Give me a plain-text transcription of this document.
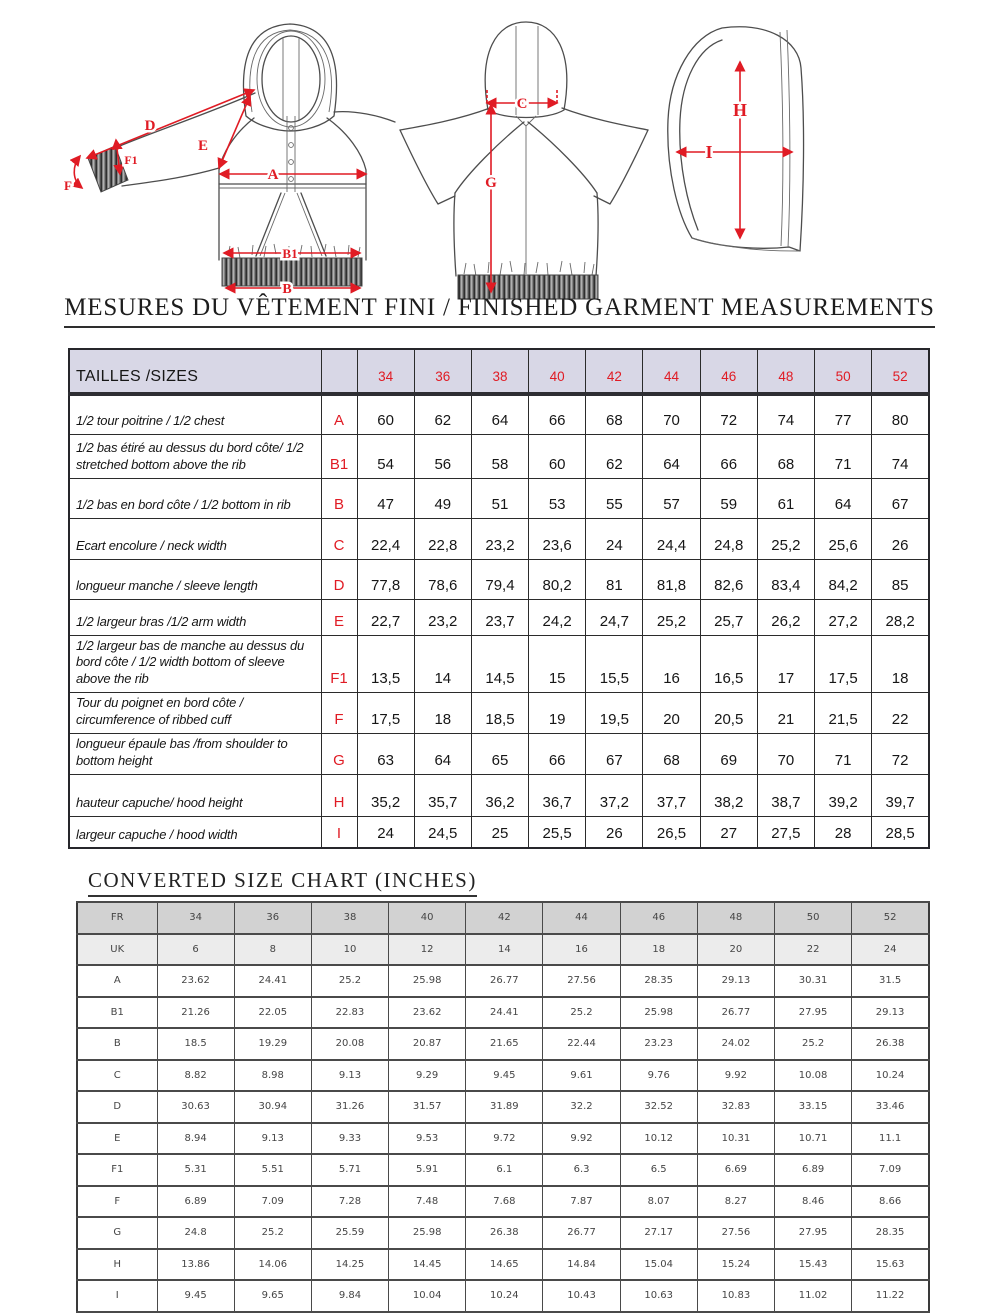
D
E
F1
F
A
B1
B
C
G
H
I
MESURES DU VÊTEMENT FINI / FINISHED GARMENT MEASUREMENTS
TAILLES /SIZES		34	36	38	40	42	44	46	48	50	52
1/2 tour poitrine / 1/2 chest	A	60	62	64	66	68	70	72	74	77	80
1/2 bas étiré au dessus du bord côte/ 1/2 stretched bottom above the rib	B1	54	56	58	60	62	64	66	68	71	74
1/2 bas en bord côte / 1/2 bottom in rib	B	47	49	51	53	55	57	59	61	64	67
Ecart encolure / neck width	C	22,4	22,8	23,2	23,6	24	24,4	24,8	25,2	25,6	26
longueur manche / sleeve length	D	77,8	78,6	79,4	80,2	81	81,8	82,6	83,4	84,2	85
1/2 largeur bras /1/2 arm width	E	22,7	23,2	23,7	24,2	24,7	25,2	25,7	26,2	27,2	28,2
1/2 largeur bas de manche au dessus du bord côte / 1/2 width bottom of sleeve above the rib	F1	13,5	14	14,5	15	15,5	16	16,5	17	17,5	18
Tour du poignet en bord côte / circumference of ribbed cuff	F	17,5	18	18,5	19	19,5	20	20,5	21	21,5	22
longueur épaule bas /from shoulder to bottom height	G	63	64	65	66	67	68	69	70	71	72
hauteur capuche/ hood height	H	35,2	35,7	36,2	36,7	37,2	37,7	38,2	38,7	39,2	39,7
largeur capuche / hood width	I	24	24,5	25	25,5	26	26,5	27	27,5	28	28,5
CONVERTED SIZE CHART (INCHES)
FR	34	36	38	40	42	44	46	48	50	52
UK	6	8	10	12	14	16	18	20	22	24
A	23.62	24.41	25.2	25.98	26.77	27.56	28.35	29.13	30.31	31.5
B1	21.26	22.05	22.83	23.62	24.41	25.2	25.98	26.77	27.95	29.13
B	18.5	19.29	20.08	20.87	21.65	22.44	23.23	24.02	25.2	26.38
C	8.82	8.98	9.13	9.29	9.45	9.61	9.76	9.92	10.08	10.24
D	30.63	30.94	31.26	31.57	31.89	32.2	32.52	32.83	33.15	33.46
E	8.94	9.13	9.33	9.53	9.72	9.92	10.12	10.31	10.71	11.1
F1	5.31	5.51	5.71	5.91	6.1	6.3	6.5	6.69	6.89	7.09
F	6.89	7.09	7.28	7.48	7.68	7.87	8.07	8.27	8.46	8.66
G	24.8	25.2	25.59	25.98	26.38	26.77	27.17	27.56	27.95	28.35
H	13.86	14.06	14.25	14.45	14.65	14.84	15.04	15.24	15.43	15.63
I	9.45	9.65	9.84	10.04	10.24	10.43	10.63	10.83	11.02	11.22
